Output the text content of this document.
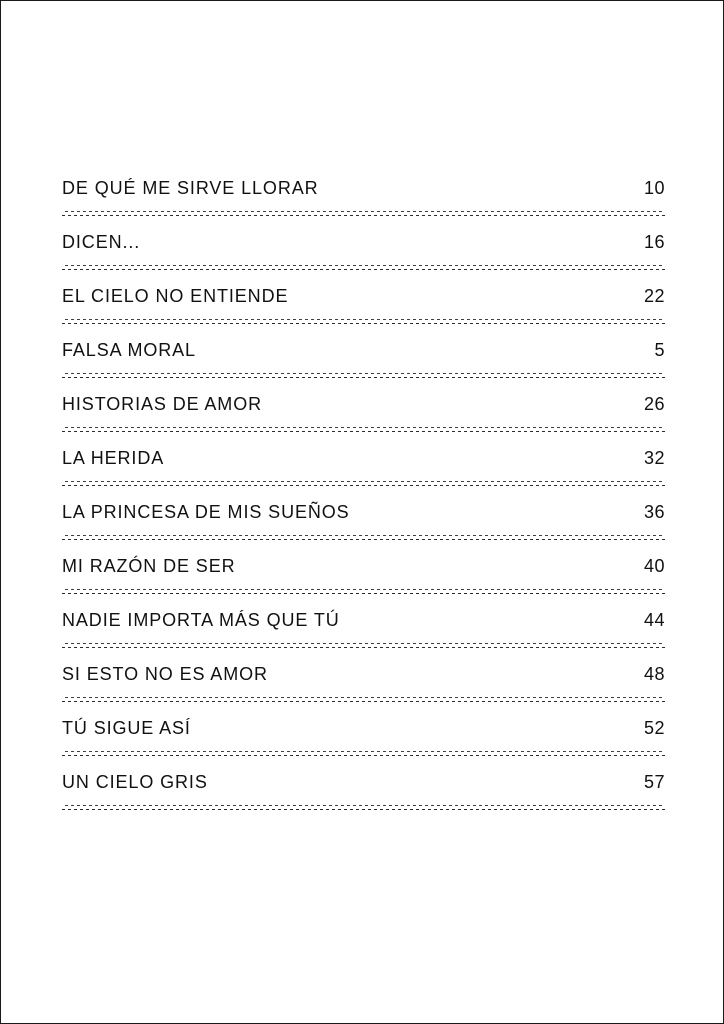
DE QUÉ ME SIRVE LLORAR	10
DICEN...	16
EL CIELO NO ENTIENDE	22
FALSA MORAL	5
HISTORIAS DE AMOR	26
LA HERIDA	32
LA PRINCESA DE MIS SUEÑOS	36
MI RAZÓN DE SER	40
NADIE IMPORTA MÁS QUE TÚ	44
SI ESTO NO ES AMOR	48
TÚ SIGUE ASÍ	52
UN CIELO GRIS	57
